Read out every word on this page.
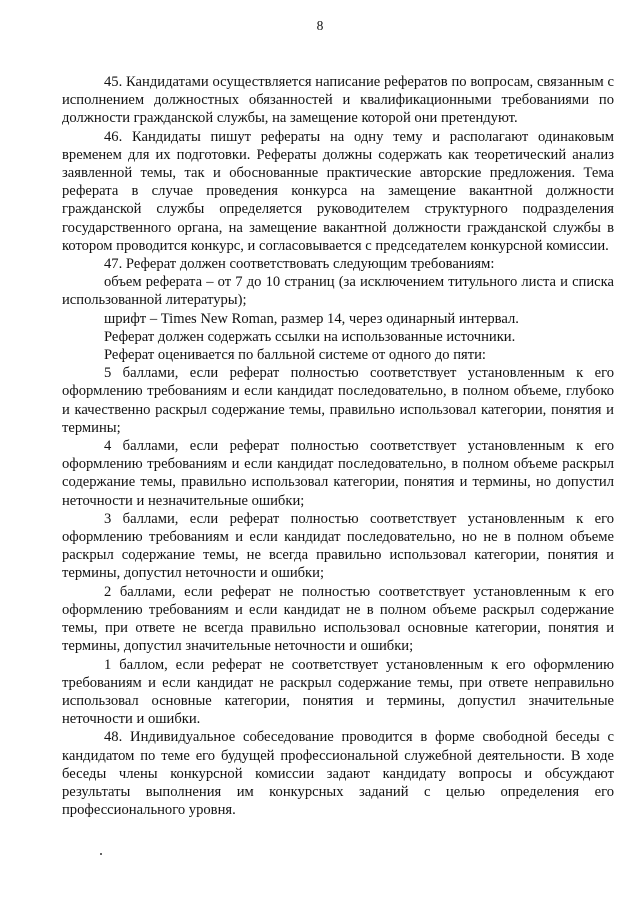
8

45. Кандидатами осуществляется написание рефератов по вопросам, связанным с исполнением должностных обязанностей и квалификационными требованиями по должности гражданской службы, на замещение которой они претендуют.

46. Кандидаты пишут рефераты на одну тему и располагают одинаковым временем для их подготовки. Рефераты должны содержать как теоретический анализ заявленной темы, так и обоснованные практические авторские предложения. Тема реферата в случае проведения конкурса на замещение вакантной должности гражданской службы определяется руководителем структурного подразделения государственного органа, на замещение вакантной должности гражданской службы в котором проводится конкурс, и согласовывается с председателем конкурсной комиссии.

47. Реферат должен соответствовать следующим требованиям:

объем реферата – от 7 до 10 страниц (за исключением титульного листа и списка использованной литературы);

шрифт – Times New Roman, размер 14, через одинарный интервал.

Реферат должен содержать ссылки на использованные источники.

Реферат оценивается по балльной системе от одного до пяти:

5 баллами, если реферат полностью соответствует установленным к его оформлению требованиям и если кандидат последовательно, в полном объеме, глубоко и качественно раскрыл содержание темы, правильно использовал категории, понятия и термины;

4 баллами, если реферат полностью соответствует установленным к его оформлению требованиям и если кандидат последовательно, в полном объеме раскрыл содержание темы, правильно использовал категории, понятия и термины, но допустил неточности и незначительные ошибки;

3 баллами, если реферат полностью соответствует установленным к его оформлению требованиям и если кандидат последовательно, но не в полном объеме раскрыл содержание темы, не всегда правильно использовал категории, понятия и термины, допустил неточности и ошибки;

2 баллами, если реферат не полностью соответствует установленным к его оформлению требованиям и если кандидат не в полном объеме раскрыл содержание темы, при ответе не всегда правильно использовал основные категории, понятия и термины, допустил значительные неточности и ошибки;

1 баллом, если реферат не соответствует установленным к его оформлению требованиям и если кандидат не раскрыл содержание темы, при ответе неправильно использовал основные категории, понятия и термины, допустил значительные неточности и ошибки.

48. Индивидуальное собеседование проводится в форме свободной беседы с кандидатом по теме его будущей профессиональной служебной деятельности. В ходе беседы члены конкурсной комиссии задают кандидату вопросы и обсуждают результаты выполнения им конкурсных заданий с целью определения его профессионального уровня.
